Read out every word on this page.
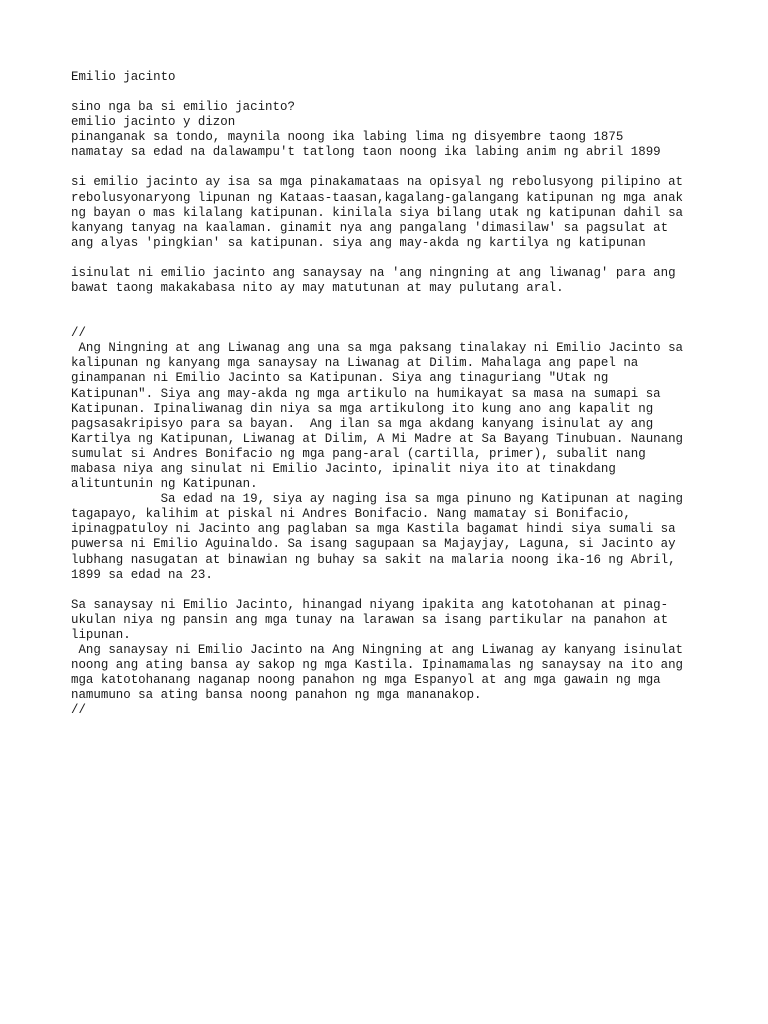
Emilio jacinto
sino nga ba si emilio jacinto?
emilio jacinto y dizon
pinanganak sa tondo, maynila noong ika labing lima ng disyembre taong 1875
namatay sa edad na dalawampu't tatlong taon noong ika labing anim ng abril 1899
si emilio jacinto ay isa sa mga pinakamataas na opisyal ng rebolusyong pilipino at
rebolusyonaryong lipunan ng Kataas-taasan,kagalang-galangang katipunan ng mga anak
ng bayan o mas kilalang katipunan. kinilala siya bilang utak ng katipunan dahil sa
kanyang tanyag na kaalaman. ginamit nya ang pangalang 'dimasilaw' sa pagsulat at
ang alyas 'pingkian' sa katipunan. siya ang may-akda ng kartilya ng katipunan
isinulat ni emilio jacinto ang sanaysay na 'ang ningning at ang liwanag' para ang
bawat taong makakabasa nito ay may matutunan at may pulutang aral.
//
Ang Ningning at ang Liwanag ang una sa mga paksang tinalakay ni Emilio Jacinto sa
kalipunan ng kanyang mga sanaysay na Liwanag at Dilim. Mahalaga ang papel na
ginampanan ni Emilio Jacinto sa Katipunan. Siya ang tinaguriang "Utak ng
Katipunan". Siya ang may-akda ng mga artikulo na humikayat sa masa na sumapi sa
Katipunan. Ipinaliwanag din niya sa mga artikulong ito kung ano ang kapalit ng
pagsasakripisyo para sa bayan.  Ang ilan sa mga akdang kanyang isinulat ay ang
Kartilya ng Katipunan, Liwanag at Dilim, A Mi Madre at Sa Bayang Tinubuan. Naunang
sumulat si Andres Bonifacio ng mga pang-aral (cartilla, primer), subalit nang
mabasa niya ang sinulat ni Emilio Jacinto, ipinalit niya ito at tinakdang
alituntunin ng Katipunan.
Sa edad na 19, siya ay naging isa sa mga pinuno ng Katipunan at naging
tagapayo, kalihim at piskal ni Andres Bonifacio. Nang mamatay si Bonifacio,
ipinagpatuloy ni Jacinto ang paglaban sa mga Kastila bagamat hindi siya sumali sa
puwersa ni Emilio Aguinaldo. Sa isang sagupaan sa Majayjay, Laguna, si Jacinto ay
lubhang nasugatan at binawian ng buhay sa sakit na malaria noong ika-16 ng Abril,
1899 sa edad na 23.
Sa sanaysay ni Emilio Jacinto, hinangad niyang ipakita ang katotohanan at pinag-
ukulan niya ng pansin ang mga tunay na larawan sa isang partikular na panahon at
lipunan.
Ang sanaysay ni Emilio Jacinto na Ang Ningning at ang Liwanag ay kanyang isinulat
noong ang ating bansa ay sakop ng mga Kastila. Ipinamamalas ng sanaysay na ito ang
mga katotohanang naganap noong panahon ng mga Espanyol at ang mga gawain ng mga
namumuno sa ating bansa noong panahon ng mga mananakop.
//
